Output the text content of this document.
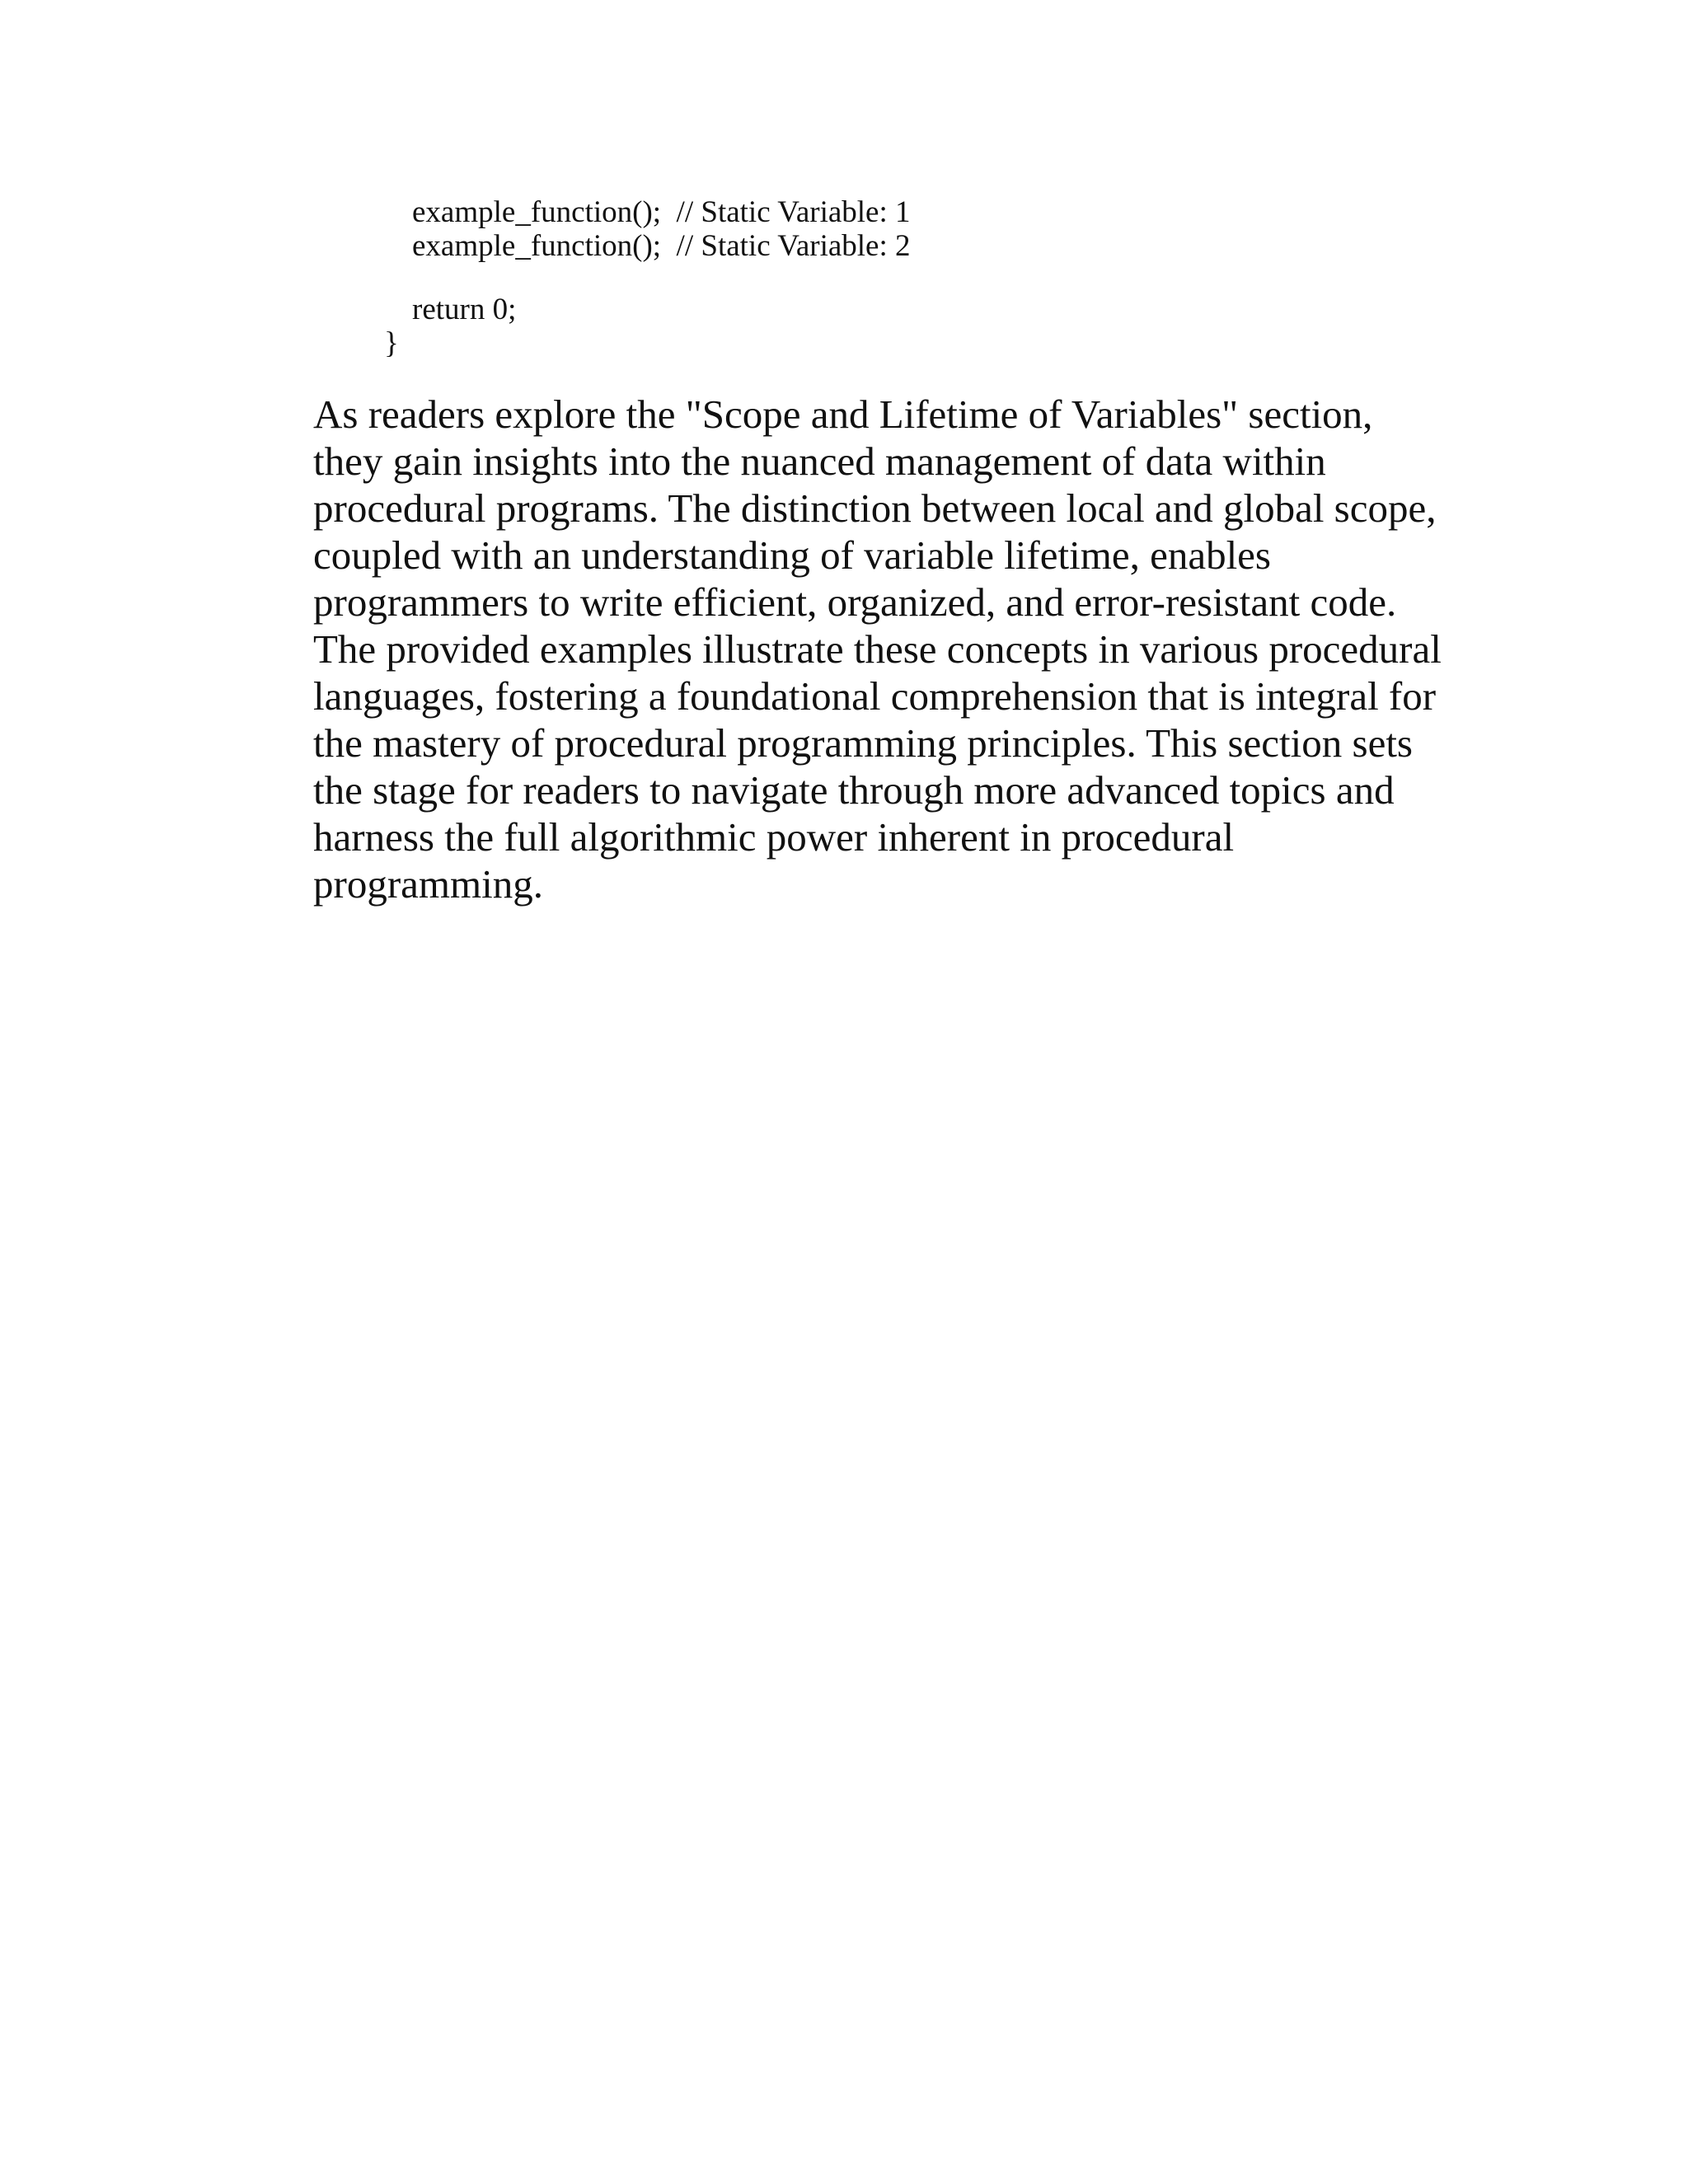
example_function();  // Static Variable: 1
example_function();  // Static Variable: 2
return 0;
}

As readers explore the "Scope and Lifetime of Variables" section,
they gain insights into the nuanced management of data within
procedural programs. The distinction between local and global scope,
coupled with an understanding of variable lifetime, enables
programmers to write efficient, organized, and error-resistant code.
The provided examples illustrate these concepts in various procedural
languages, fostering a foundational comprehension that is integral for
the mastery of procedural programming principles. This section sets
the stage for readers to navigate through more advanced topics and
harness the full algorithmic power inherent in procedural
programming.
